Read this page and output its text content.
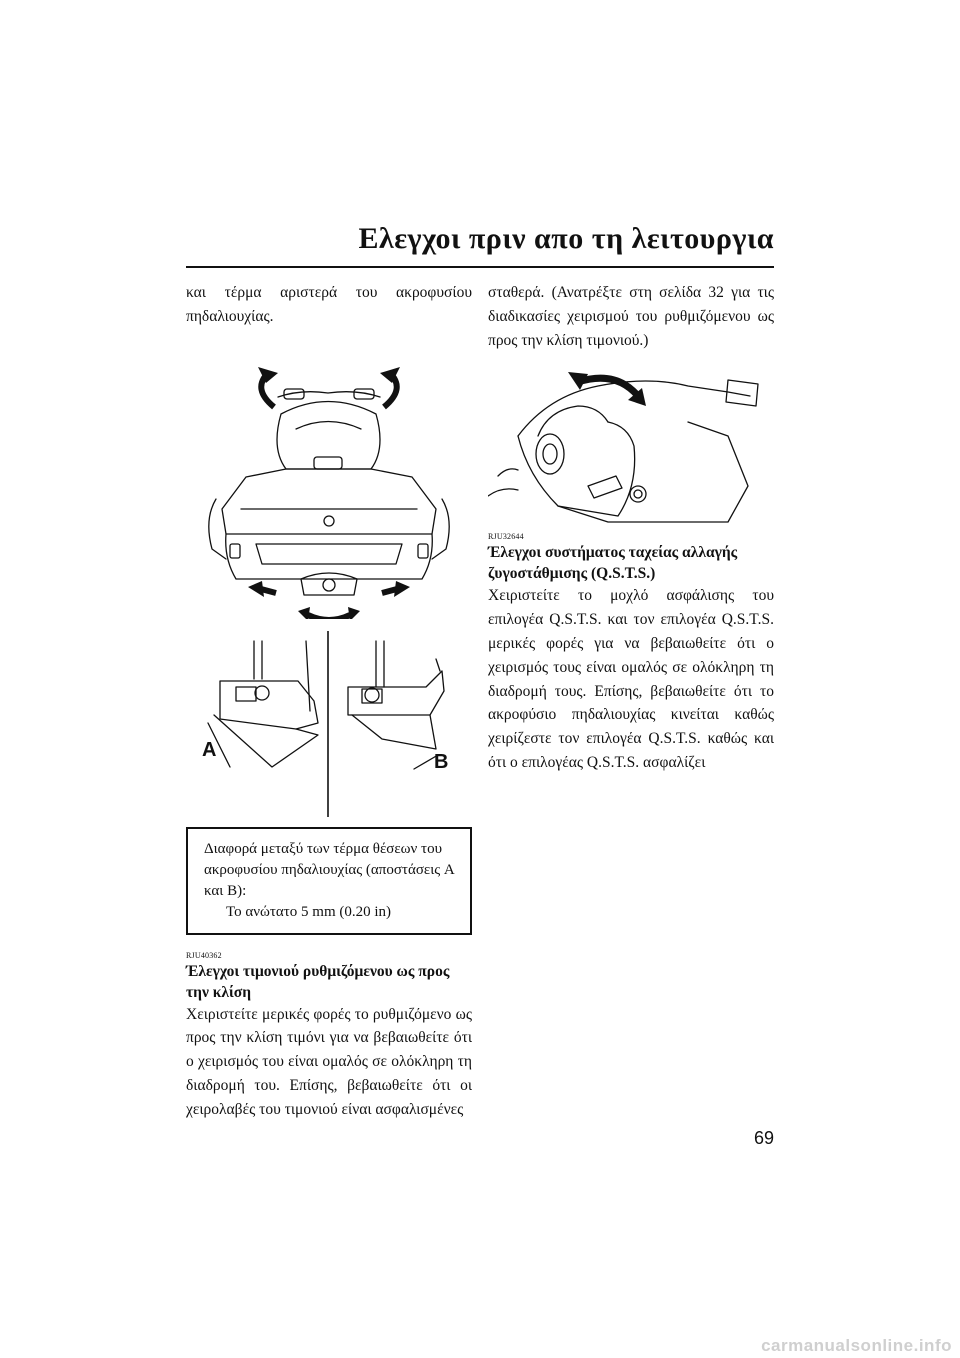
Ελεγχοι πριν απο τη λειτουργια

και τέρμα αριστερά του ακροφυσίου πηδαλιουχίας.

A
B
Διαφορά μεταξύ των τέρμα θέσεων του ακροφυσίου πηδαλιουχίας (αποστάσεις A και B):
Το ανώτατο 5 mm (0.20 in)
RJU40362

Έλεγχοι τιμονιού ρυθμιζόμενου ως προς την κλίση

Χειριστείτε μερικές φορές το ρυθμιζόμενο ως προς την κλίση τιμόνι για να βεβαιωθείτε ότι ο χειρισμός του είναι ομαλός σε ολόκληρη τη διαδρομή του. Επίσης, βεβαιωθείτε ότι οι χειρολαβές του τιμονιού είναι ασφαλισμένες

σταθερά. (Ανατρέξτε στη σελίδα 32 για τις διαδικασίες χειρισμού του ρυθμιζόμενου ως προς την κλίση τιμονιού.)

RJU32644

Έλεγχοι συστήματος ταχείας αλλαγής ζυγοστάθμισης (Q.S.T.S.)

Χειριστείτε το μοχλό ασφάλισης του επιλογέα Q.S.T.S. και τον επιλογέα Q.S.T.S. μερικές φορές για να βεβαιωθείτε ότι ο χειρισμός τους είναι ομαλός σε ολόκληρη τη διαδρομή τους. Επίσης, βεβαιωθείτε ότι το ακροφύσιο πηδαλιουχίας κινείται καθώς χειρίζεστε τον επιλογέα Q.S.T.S. καθώς και ότι ο επιλογέας Q.S.T.S. ασφαλίζει

69
carmanualsonline.info
